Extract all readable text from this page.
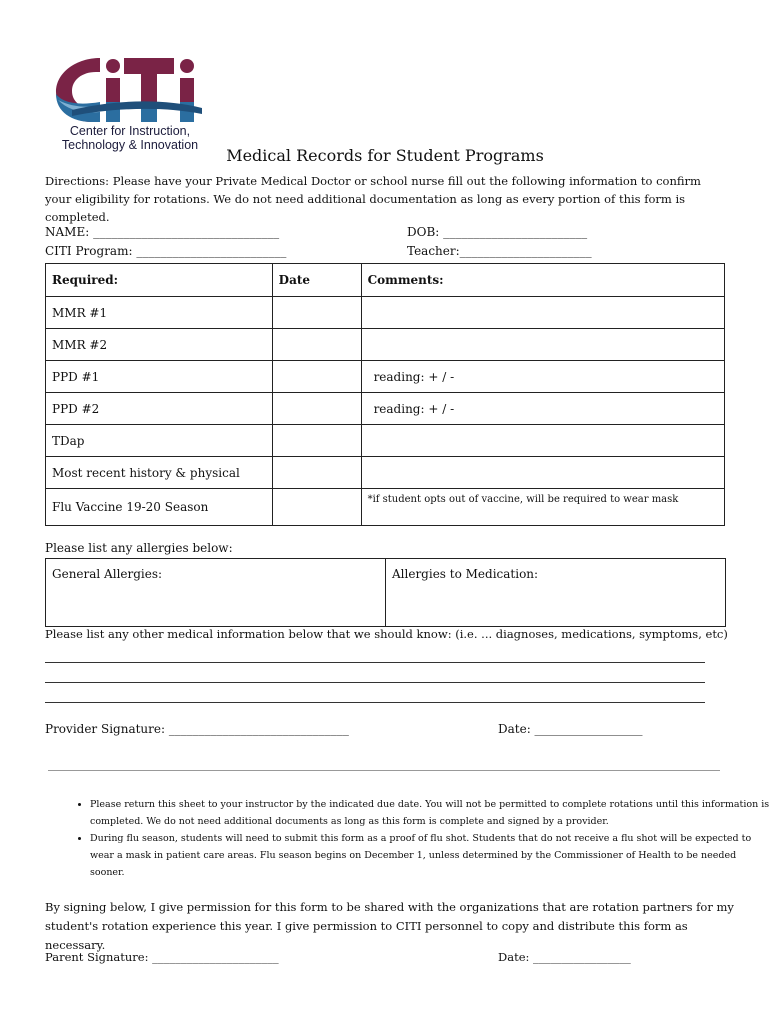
Center for Instruction,
Technology & Innovation
Medical Records for Student Programs
Directions: Please have your Private Medical Doctor or school nurse fill out the following information to confirm your eligibility for rotations. We do not need additional documentation as long as every portion of this form is completed.
NAME: _______________________________	DOB: ________________________
CITI Program: _________________________	Teacher:______________________
Required:	Date	Comments:
MMR #1		
MMR #2		
PPD #1		reading: + / -
PPD #2		reading: + / -
TDap		
Most recent history & physical		
Flu Vaccine 19-20 Season		*if student opts out of vaccine, will be required to wear mask
Please list any allergies below:
General Allergies:	Allergies to Medication:
Please list any other medical information below that we should know: (i.e. ... diagnoses, medications, symptoms, etc)
Provider Signature: ______________________________	Date: __________________
• Please return this sheet to your instructor by the indicated due date. You will not be permitted to complete rotations until this information is completed. We do not need additional documents as long as this form is complete and signed by a provider.
• During flu season, students will need to submit this form as a proof of flu shot. Students that do not receive a flu shot will be expected to wear a mask in patient care areas. Flu season begins on December 1, unless determined by the Commissioner of Health to be needed sooner.
By signing below, I give permission for this form to be shared with the organizations that are rotation partners for my student's rotation experience this year. I give permission to CITI personnel to copy and distribute this form as necessary.
Parent Signature: ______________________	Date: _________________
